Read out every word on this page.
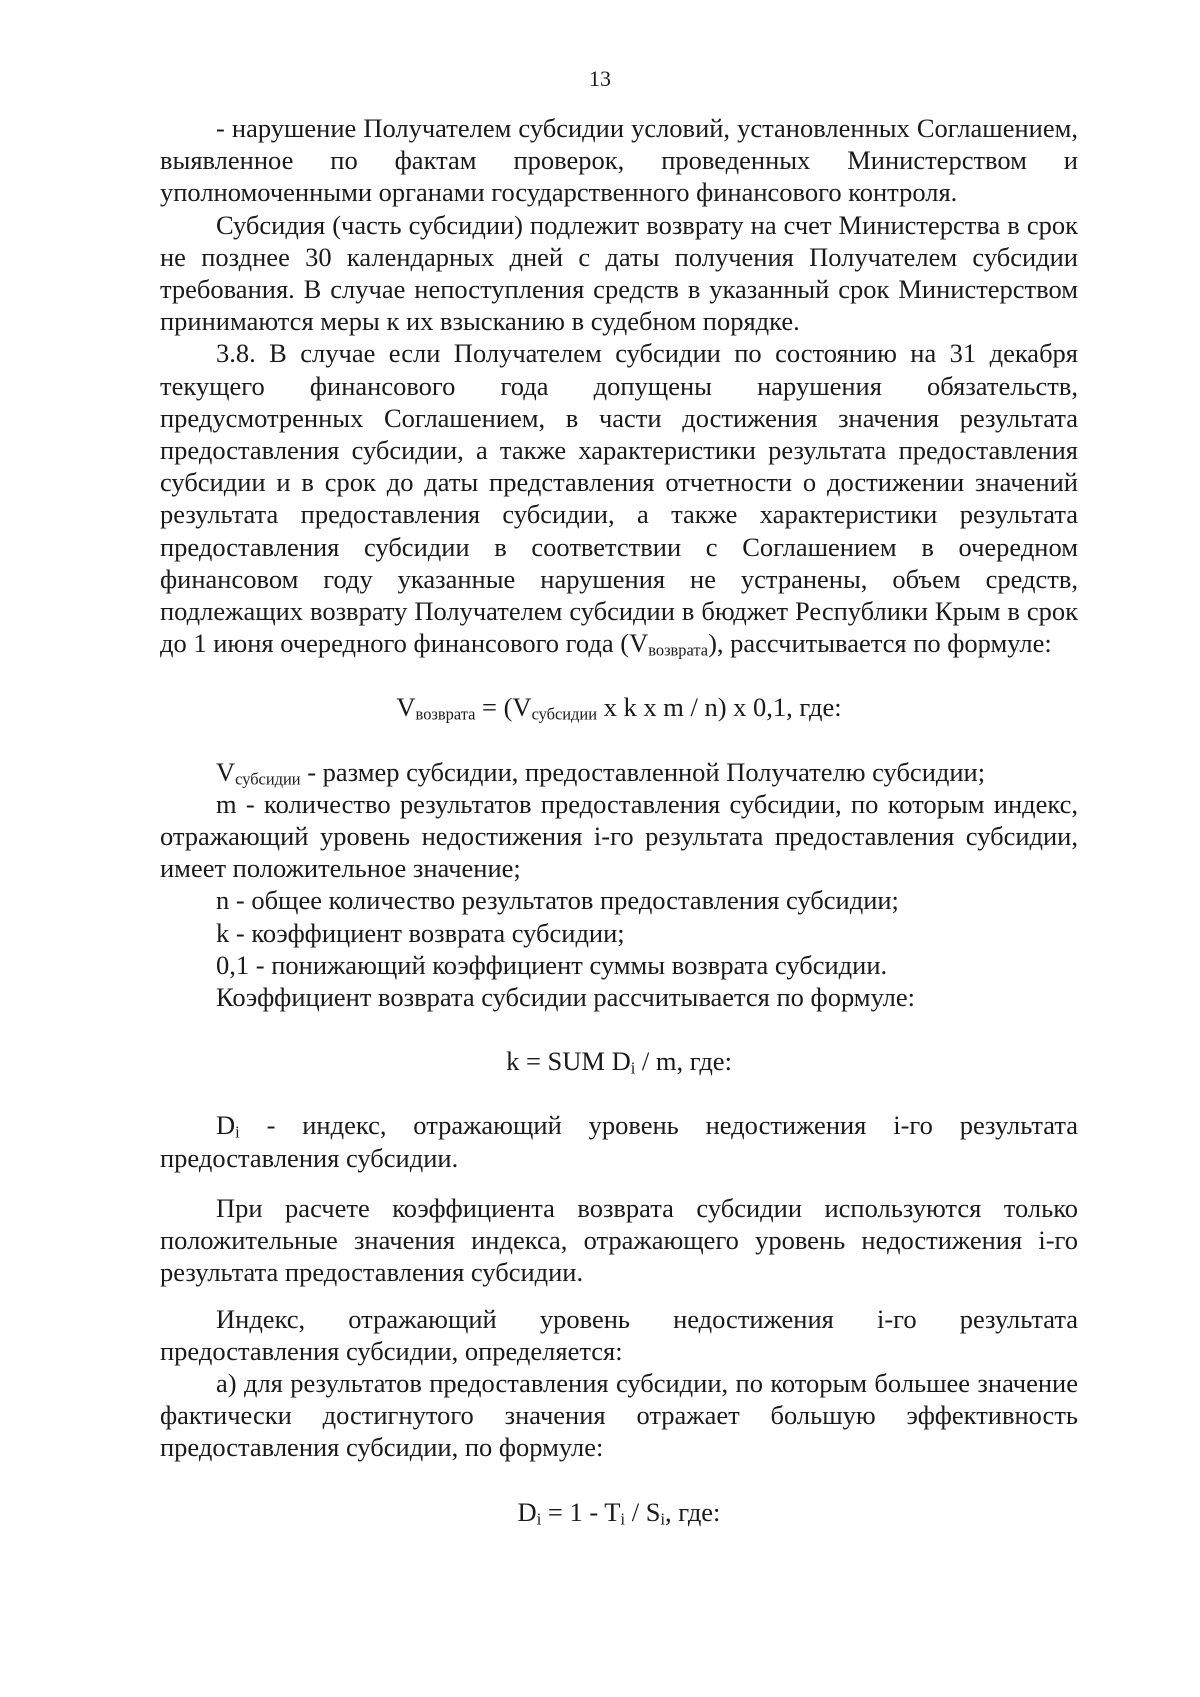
13

- нарушение Получателем субсидии условий, установленных Соглашением, выявленное по фактам проверок, проведенных Министерством и уполномоченными органами государственного финансового контроля.

Субсидия (часть субсидии) подлежит возврату на счет Министерства в срок не позднее 30 календарных дней с даты получения Получателем субсидии требования. В случае непоступления средств в указанный срок Министерством принимаются меры к их взысканию в судебном порядке.

3.8. В случае если Получателем субсидии по состоянию на 31 декабря текущего финансового года допущены нарушения обязательств, предусмотренных Соглашением, в части достижения значения результата предоставления субсидии, а также характеристики результата предоставления субсидии и в срок до даты представления отчетности о достижении значений результата предоставления субсидии, а также характеристики результата предоставления субсидии в соответствии с Соглашением в очередном финансовом году указанные нарушения не устранены, объем средств, подлежащих возврату Получателем субсидии в бюджет Республики Крым в срок до 1 июня очередного финансового года $(V_{возврата})$, рассчитывается по формуле:

$V_{возврата} = (V_{субсидии}$ x k x m / n) x 0,1, где:

$V_{субсидии}$ - размер субсидии, предоставленной Получателю субсидии;

m - количество результатов предоставления субсидии, по которым индекс, отражающий уровень недостижения i-го результата предоставления субсидии, имеет положительное значение;

n - общее количество результатов предоставления субсидии;

k - коэффициент возврата субсидии;

0,1 - понижающий коэффициент суммы возврата субсидии.

Коэффициент возврата субсидии рассчитывается по формуле:

k = SUM $D_i$ / m, где:

$D_i$ - индекс, отражающий уровень недостижения i-го результата предоставления субсидии.

При расчете коэффициента возврата субсидии используются только положительные значения индекса, отражающего уровень недостижения i-го результата предоставления субсидии.

Индекс, отражающий уровень недостижения i-го результата предоставления субсидии, определяется:

а) для результатов предоставления субсидии, по которым большее значение фактически достигнутого значения отражает большую эффективность предоставления субсидии, по формуле:

$D_i = 1 - T_i / S_i$, где:
